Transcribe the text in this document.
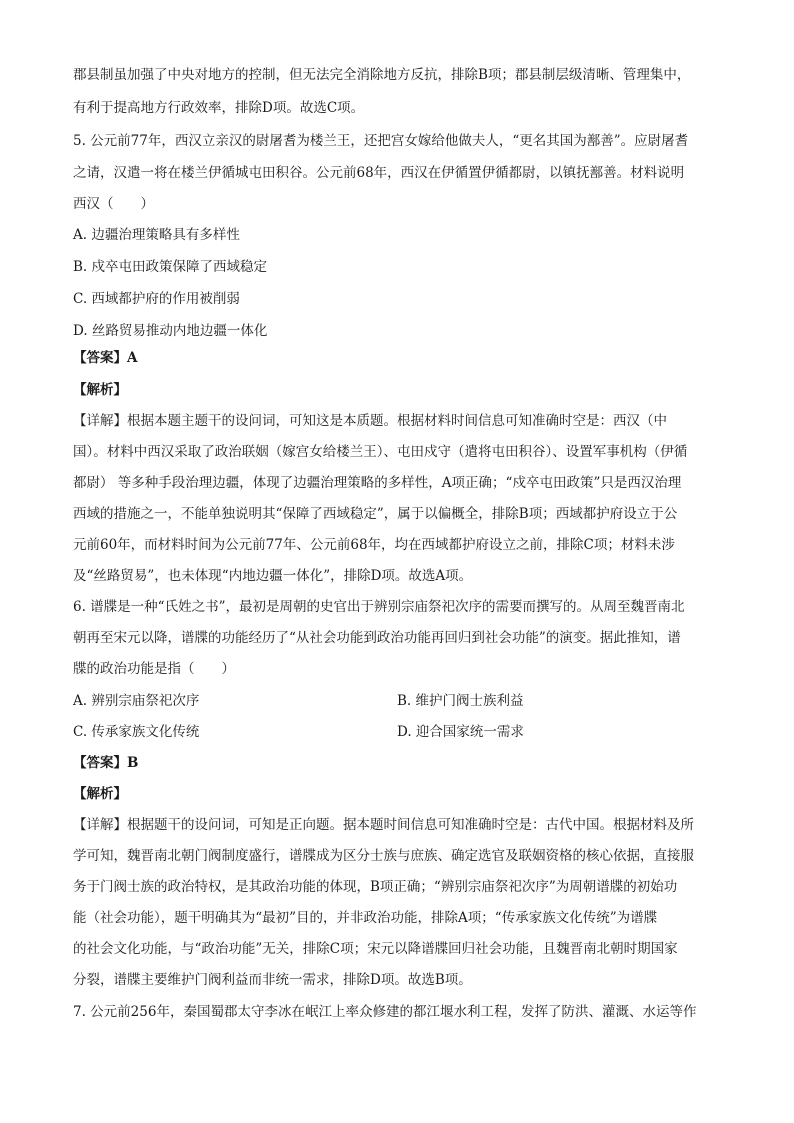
郡县制虽加强了中央对地方的控制，但无法完全消除地方反抗，排除B项；郡县制层级清晰、管理集中，
有利于提高地方行政效率，排除D项。故选C项。
5. 公元前77年，西汉立亲汉的尉屠耆为楼兰王，还把宫女嫁给他做夫人，“更名其国为鄯善”。应尉屠耆
之请，汉遣一将在楼兰伊循城屯田积谷。公元前68年，西汉在伊循置伊循都尉，以镇抚鄯善。材料说明
西汉（　　）
A. 边疆治理策略具有多样性
B. 戍卒屯田政策保障了西域稳定
C. 西域都护府的作用被削弱
D. 丝路贸易推动内地边疆一体化
【答案】A
【解析】
【详解】根据本题主题干的设问词，可知这是本质题。根据材料时间信息可知准确时空是：西汉（中
国）。材料中西汉采取了政治联姻（嫁宫女给楼兰王）、屯田戍守（遣将屯田积谷）、设置军事机构（伊循
都尉） 等多种手段治理边疆，体现了边疆治理策略的多样性，A项正确；“戍卒屯田政策”只是西汉治理
西域的措施之一，不能单独说明其“保障了西域稳定”，属于以偏概全，排除B项；西域都护府设立于公
元前60年，而材料时间为公元前77年、公元前68年，均在西域都护府设立之前，排除C项；材料未涉
及“丝路贸易”，也未体现“内地边疆一体化”，排除D项。故选A项。
6. 谱牒是一种“氏姓之书”，最初是周朝的史官出于辨别宗庙祭祀次序的需要而撰写的。从周至魏晋南北
朝再至宋元以降，谱牒的功能经历了“从社会功能到政治功能再回归到社会功能”的演变。据此推知，谱
牒的政治功能是指（　　）
A. 辨别宗庙祭祀次序	B. 维护门阀士族利益
C. 传承家族文化传统	D. 迎合国家统一需求
【答案】B
【解析】
【详解】根据题干的设问词，可知是正向题。据本题时间信息可知准确时空是：古代中国。根据材料及所
学可知，魏晋南北朝门阀制度盛行，谱牒成为区分士族与庶族、确定选官及联姻资格的核心依据，直接服
务于门阀士族的政治特权，是其政治功能的体现，B项正确；“辨别宗庙祭祀次序”为周朝谱牒的初始功
能（社会功能），题干明确其为“最初”目的，并非政治功能，排除A项；“传承家族文化传统”为谱牒
的社会文化功能，与“政治功能”无关，排除C项；宋元以降谱牒回归社会功能，且魏晋南北朝时期国家
分裂，谱牒主要维护门阀利益而非统一需求，排除D项。故选B项。
7. 公元前256年，秦国蜀郡太守李冰在岷江上率众修建的都江堰水利工程，发挥了防洪、灌溉、水运等作
